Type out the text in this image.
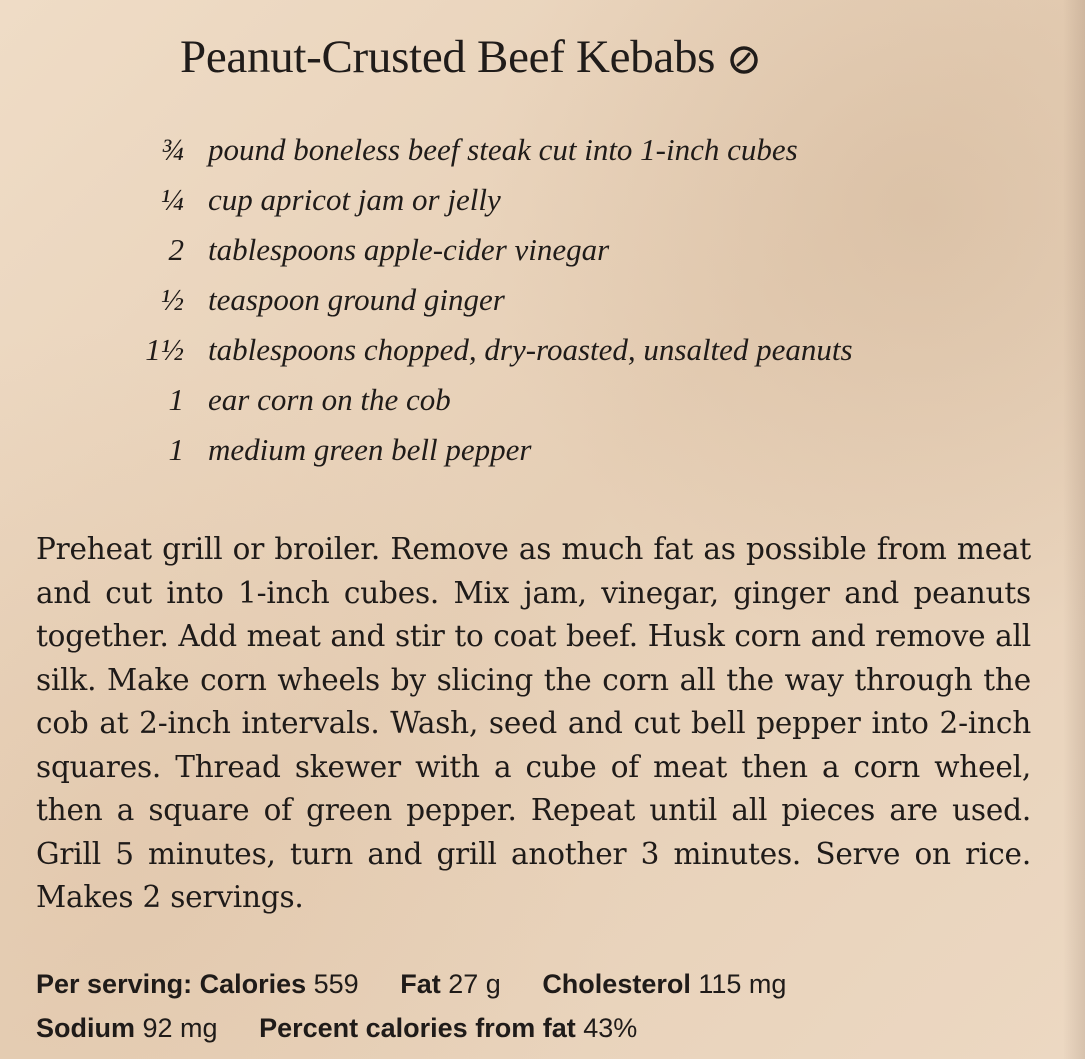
Peanut-Crusted Beef Kebabs
¾ pound boneless beef steak cut into 1-inch cubes
¼ cup apricot jam or jelly
2 tablespoons apple-cider vinegar
½ teaspoon ground ginger
1½ tablespoons chopped, dry-roasted, unsalted peanuts
1 ear corn on the cob
1 medium green bell pepper

Preheat grill or broiler. Remove as much fat as possible from meat and cut into 1-inch cubes. Mix jam, vinegar, ginger and peanuts together. Add meat and stir to coat beef. Husk corn and remove all silk. Make corn wheels by slicing the corn all the way through the cob at 2-inch intervals. Wash, seed and cut bell pepper into 2-inch squares. Thread skewer with a cube of meat then a corn wheel, then a square of green pepper. Repeat until all pieces are used. Grill 5 minutes, turn and grill another 3 minutes. Serve on rice. Makes 2 servings.

Per serving: Calories 559 Fat 27 g Cholesterol 115 mg
Sodium 92 mg Percent calories from fat 43%
